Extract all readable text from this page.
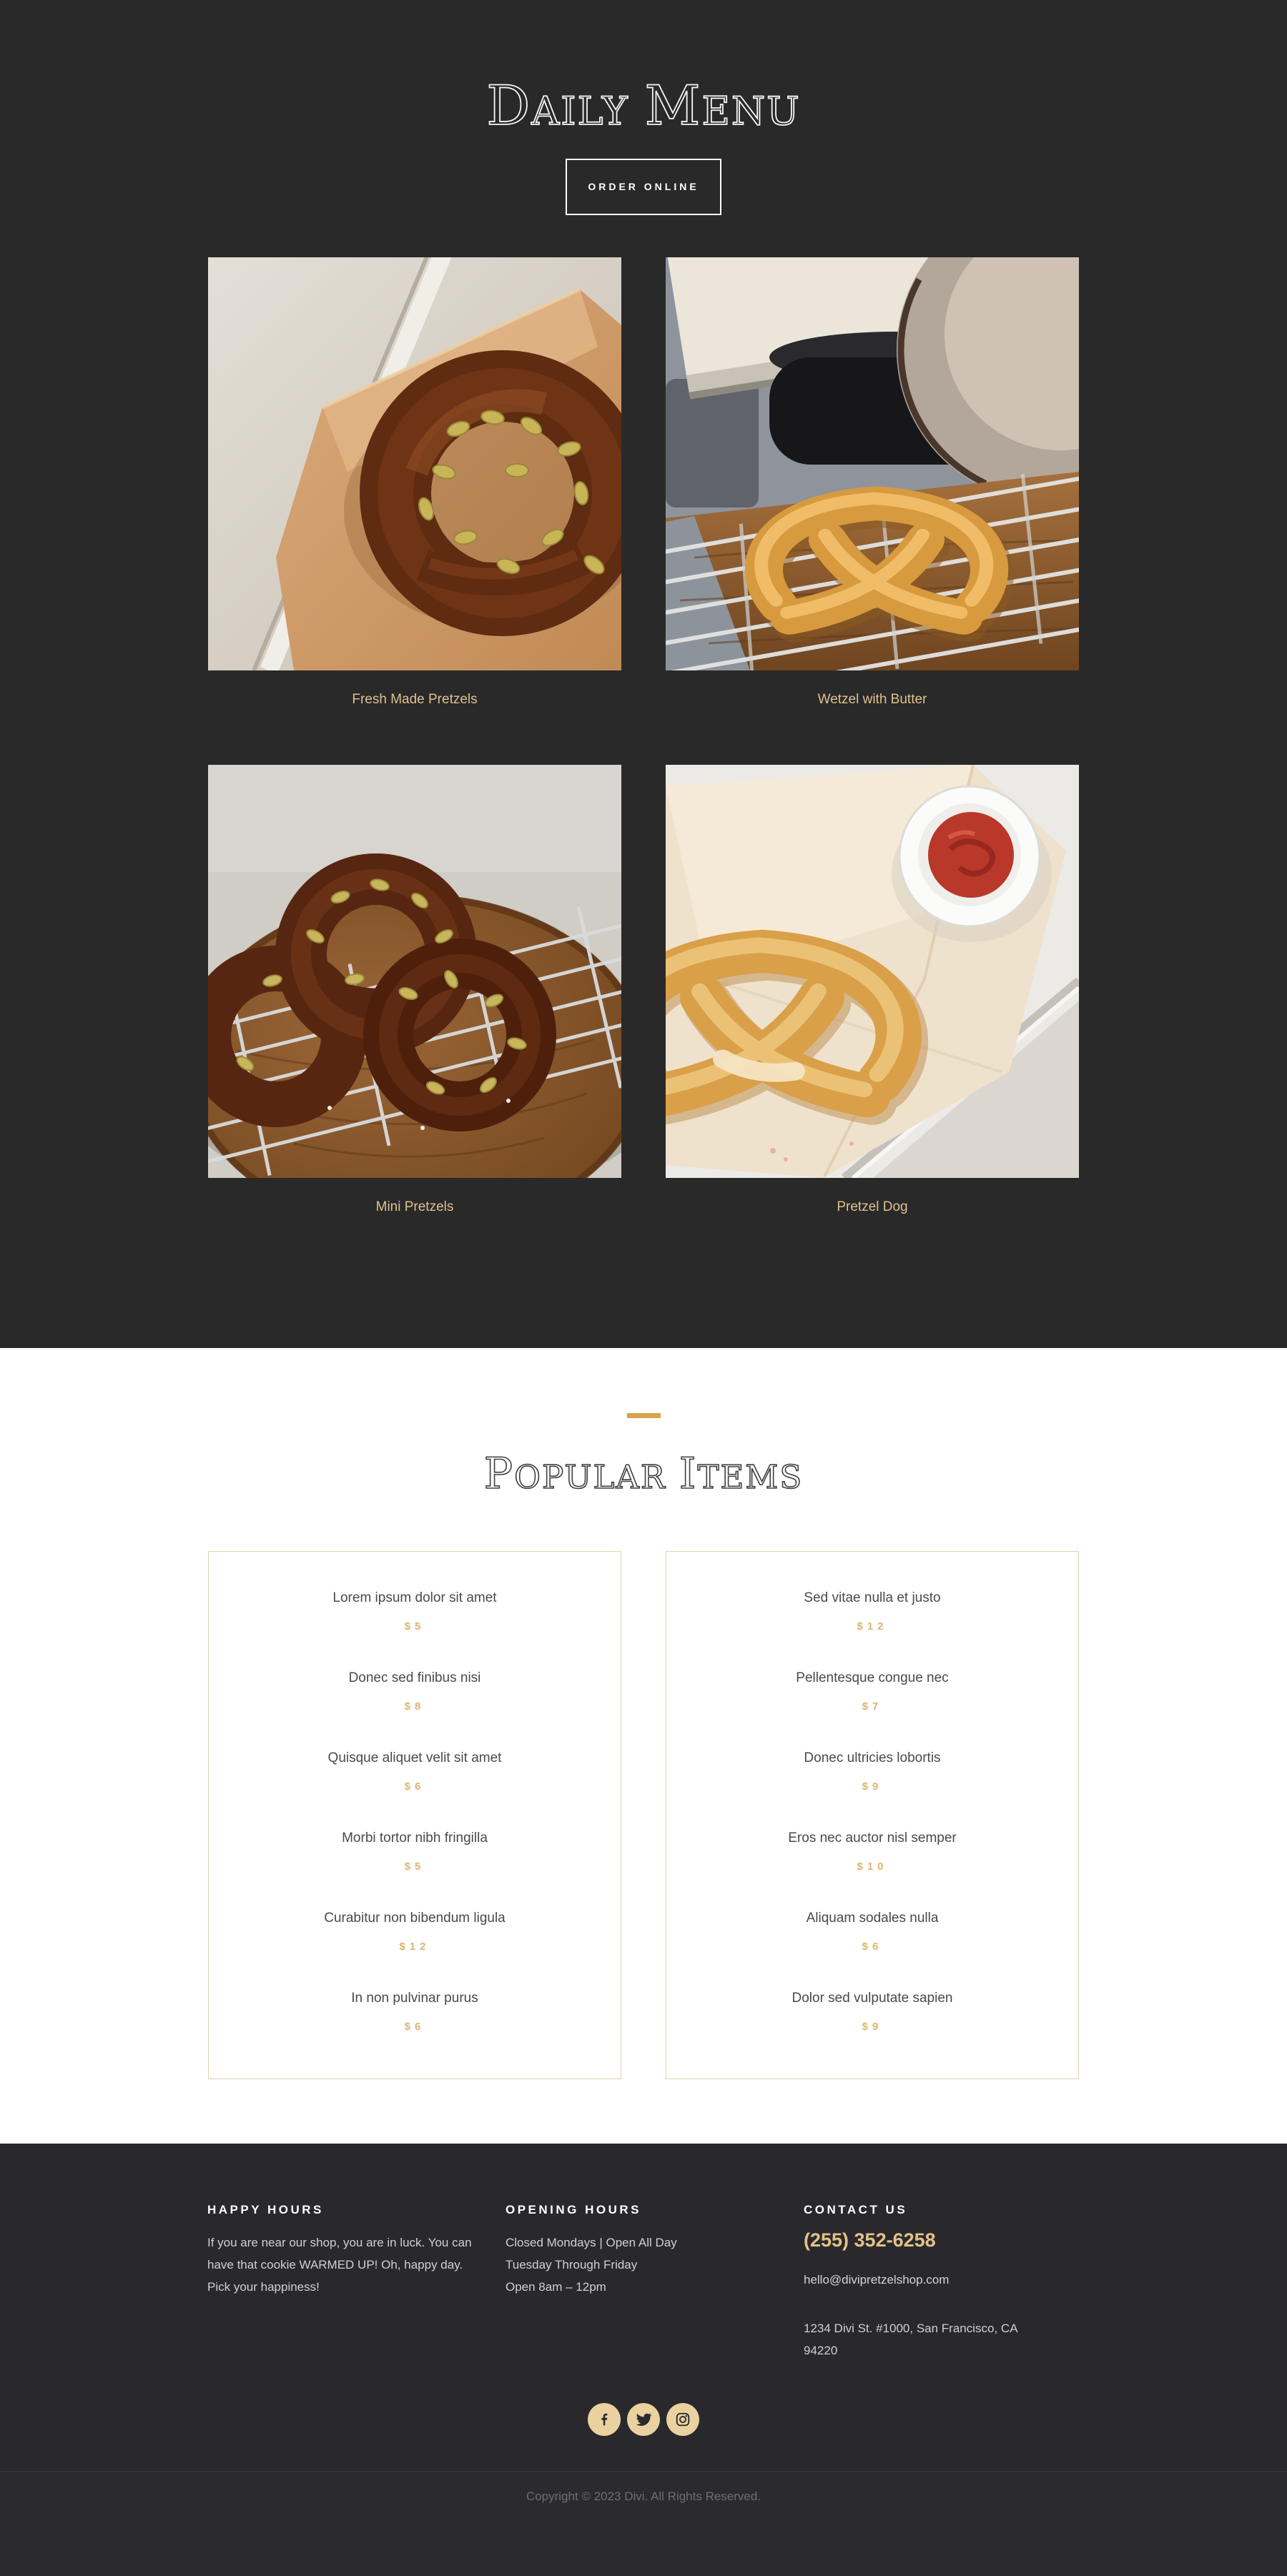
DAILY MENU
ORDER ONLINE
Fresh Made Pretzels	Wetzel with Butter
Mini Pretzels	Pretzel Dog
POPULAR ITEMS
Lorem ipsum dolor sit amet
$5
Donec sed finibus nisi
$8
Quisque aliquet velit sit amet
$6
Morbi tortor nibh fringilla
$5
Curabitur non bibendum ligula
$12
In non pulvinar purus
$6
Sed vitae nulla et justo
$12
Pellentesque congue nec
$7
Donec ultricies lobortis
$9
Eros nec auctor nisl semper
$10
Aliquam sodales nulla
$6
Dolor sed vulputate sapien
$9
HAPPY HOURS

If you are near our shop, you are in luck. You can have that cookie WARMED UP! Oh, happy day. Pick your happiness!

OPENING HOURS

Closed Mondays | Open All Day
Tuesday Through Friday
Open 8am – 12pm

CONTACT US

(255) 352-6258

hello@divipretzelshop.com

1234 Divi St. #1000, San Francisco, CA
94220

Copyright © 2023 Divi. All Rights Reserved.
